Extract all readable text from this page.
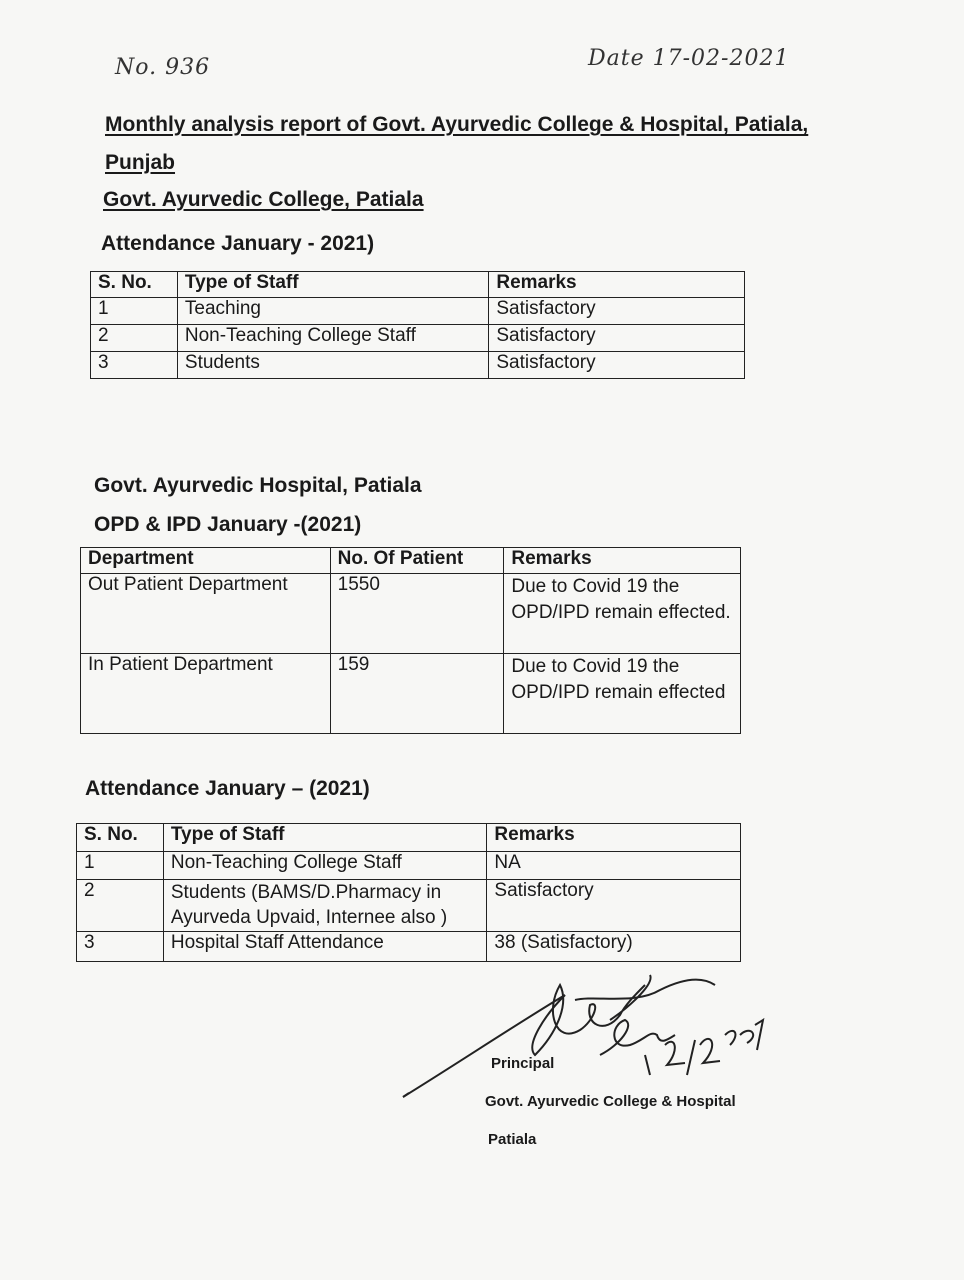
No. 936	Date 17-02-2021
Monthly analysis report of Govt. Ayurvedic College & Hospital, Patiala, Punjab
Govt. Ayurvedic College, Patiala
Attendance January - 2021)
S. No.	Type of Staff	Remarks
1	Teaching	Satisfactory
2	Non-Teaching College Staff	Satisfactory
3	Students	Satisfactory
Govt. Ayurvedic Hospital, Patiala
OPD & IPD January -(2021)
Department	No. Of Patient	Remarks
Out Patient Department	1550	Due to Covid 19 the OPD/IPD remain effected.
In Patient Department	159	Due to Covid 19 the OPD/IPD remain effected
Attendance January – (2021)
S. No.	Type of Staff	Remarks
1	Non-Teaching College Staff	NA
2	Students (BAMS/D.Pharmacy in Ayurveda Upvaid, Internee also )	Satisfactory
3	Hospital Staff Attendance	38 (Satisfactory)
Principal
Govt. Ayurvedic College & Hospital
Patiala
